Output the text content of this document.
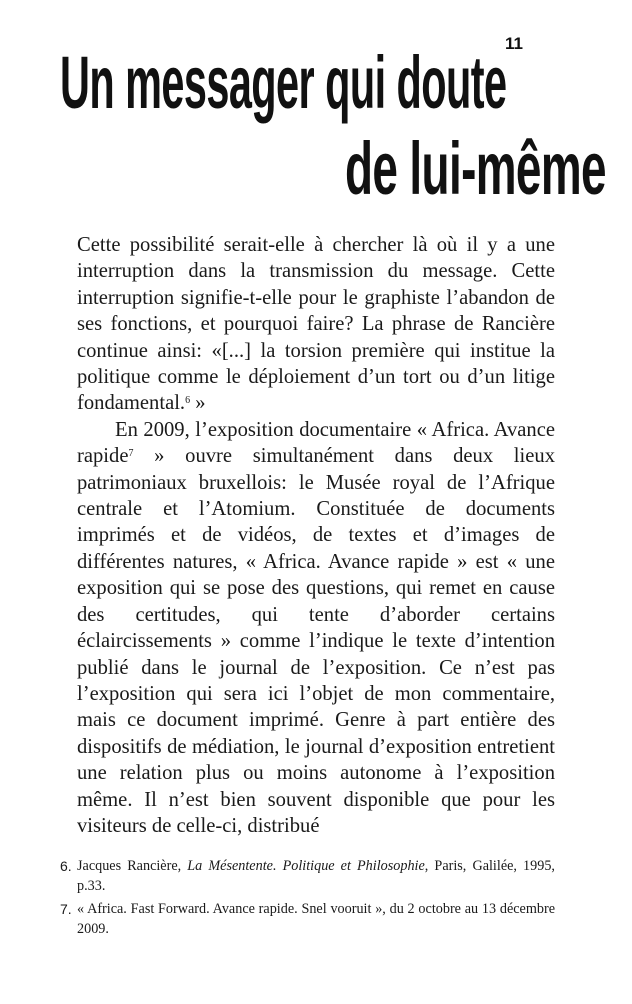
11
Un messager qui doute
de lui-même

Cette possibilité serait-elle à chercher là où il y a une interruption dans la transmission du message. Cette interruption signifie-t-elle pour le graphiste l’abandon de ses fonctions, et pourquoi faire? La phrase de Rancière continue ainsi: «[...] la torsion première qui institue la politique comme le déploiement d’un tort ou d’un litige fondamental.$^6$ »

En 2009, l’exposition documentaire « Africa. Avance rapide$^7$ » ouvre simultanément dans deux lieux patrimoniaux bruxellois: le Musée royal de l’Afrique centrale et l’Atomium. Constituée de documents imprimés et de vidéos, de textes et d’images de différentes natures, « Africa. Avance rapide » est « une exposition qui se pose des questions, qui remet en cause des certitudes, qui tente d’aborder certains éclaircissements » comme l’indique le texte d’intention publié dans le journal de l’exposition. Ce n’est pas l’exposition qui sera ici l’objet de mon commentaire, mais ce document imprimé. Genre à part entière des dispositifs de médiation, le journal d’exposition entretient une relation plus ou moins autonome à l’exposition même. Il n’est bien souvent disponible que pour les visiteurs de celle-ci, distribué

6. Jacques Rancière, La Mésentente. Politique et Philosophie, Paris, Galilée, 1995, p.33.

7. « Africa. Fast Forward. Avance rapide. Snel vooruit », du 2 octobre au 13 décembre 2009.
